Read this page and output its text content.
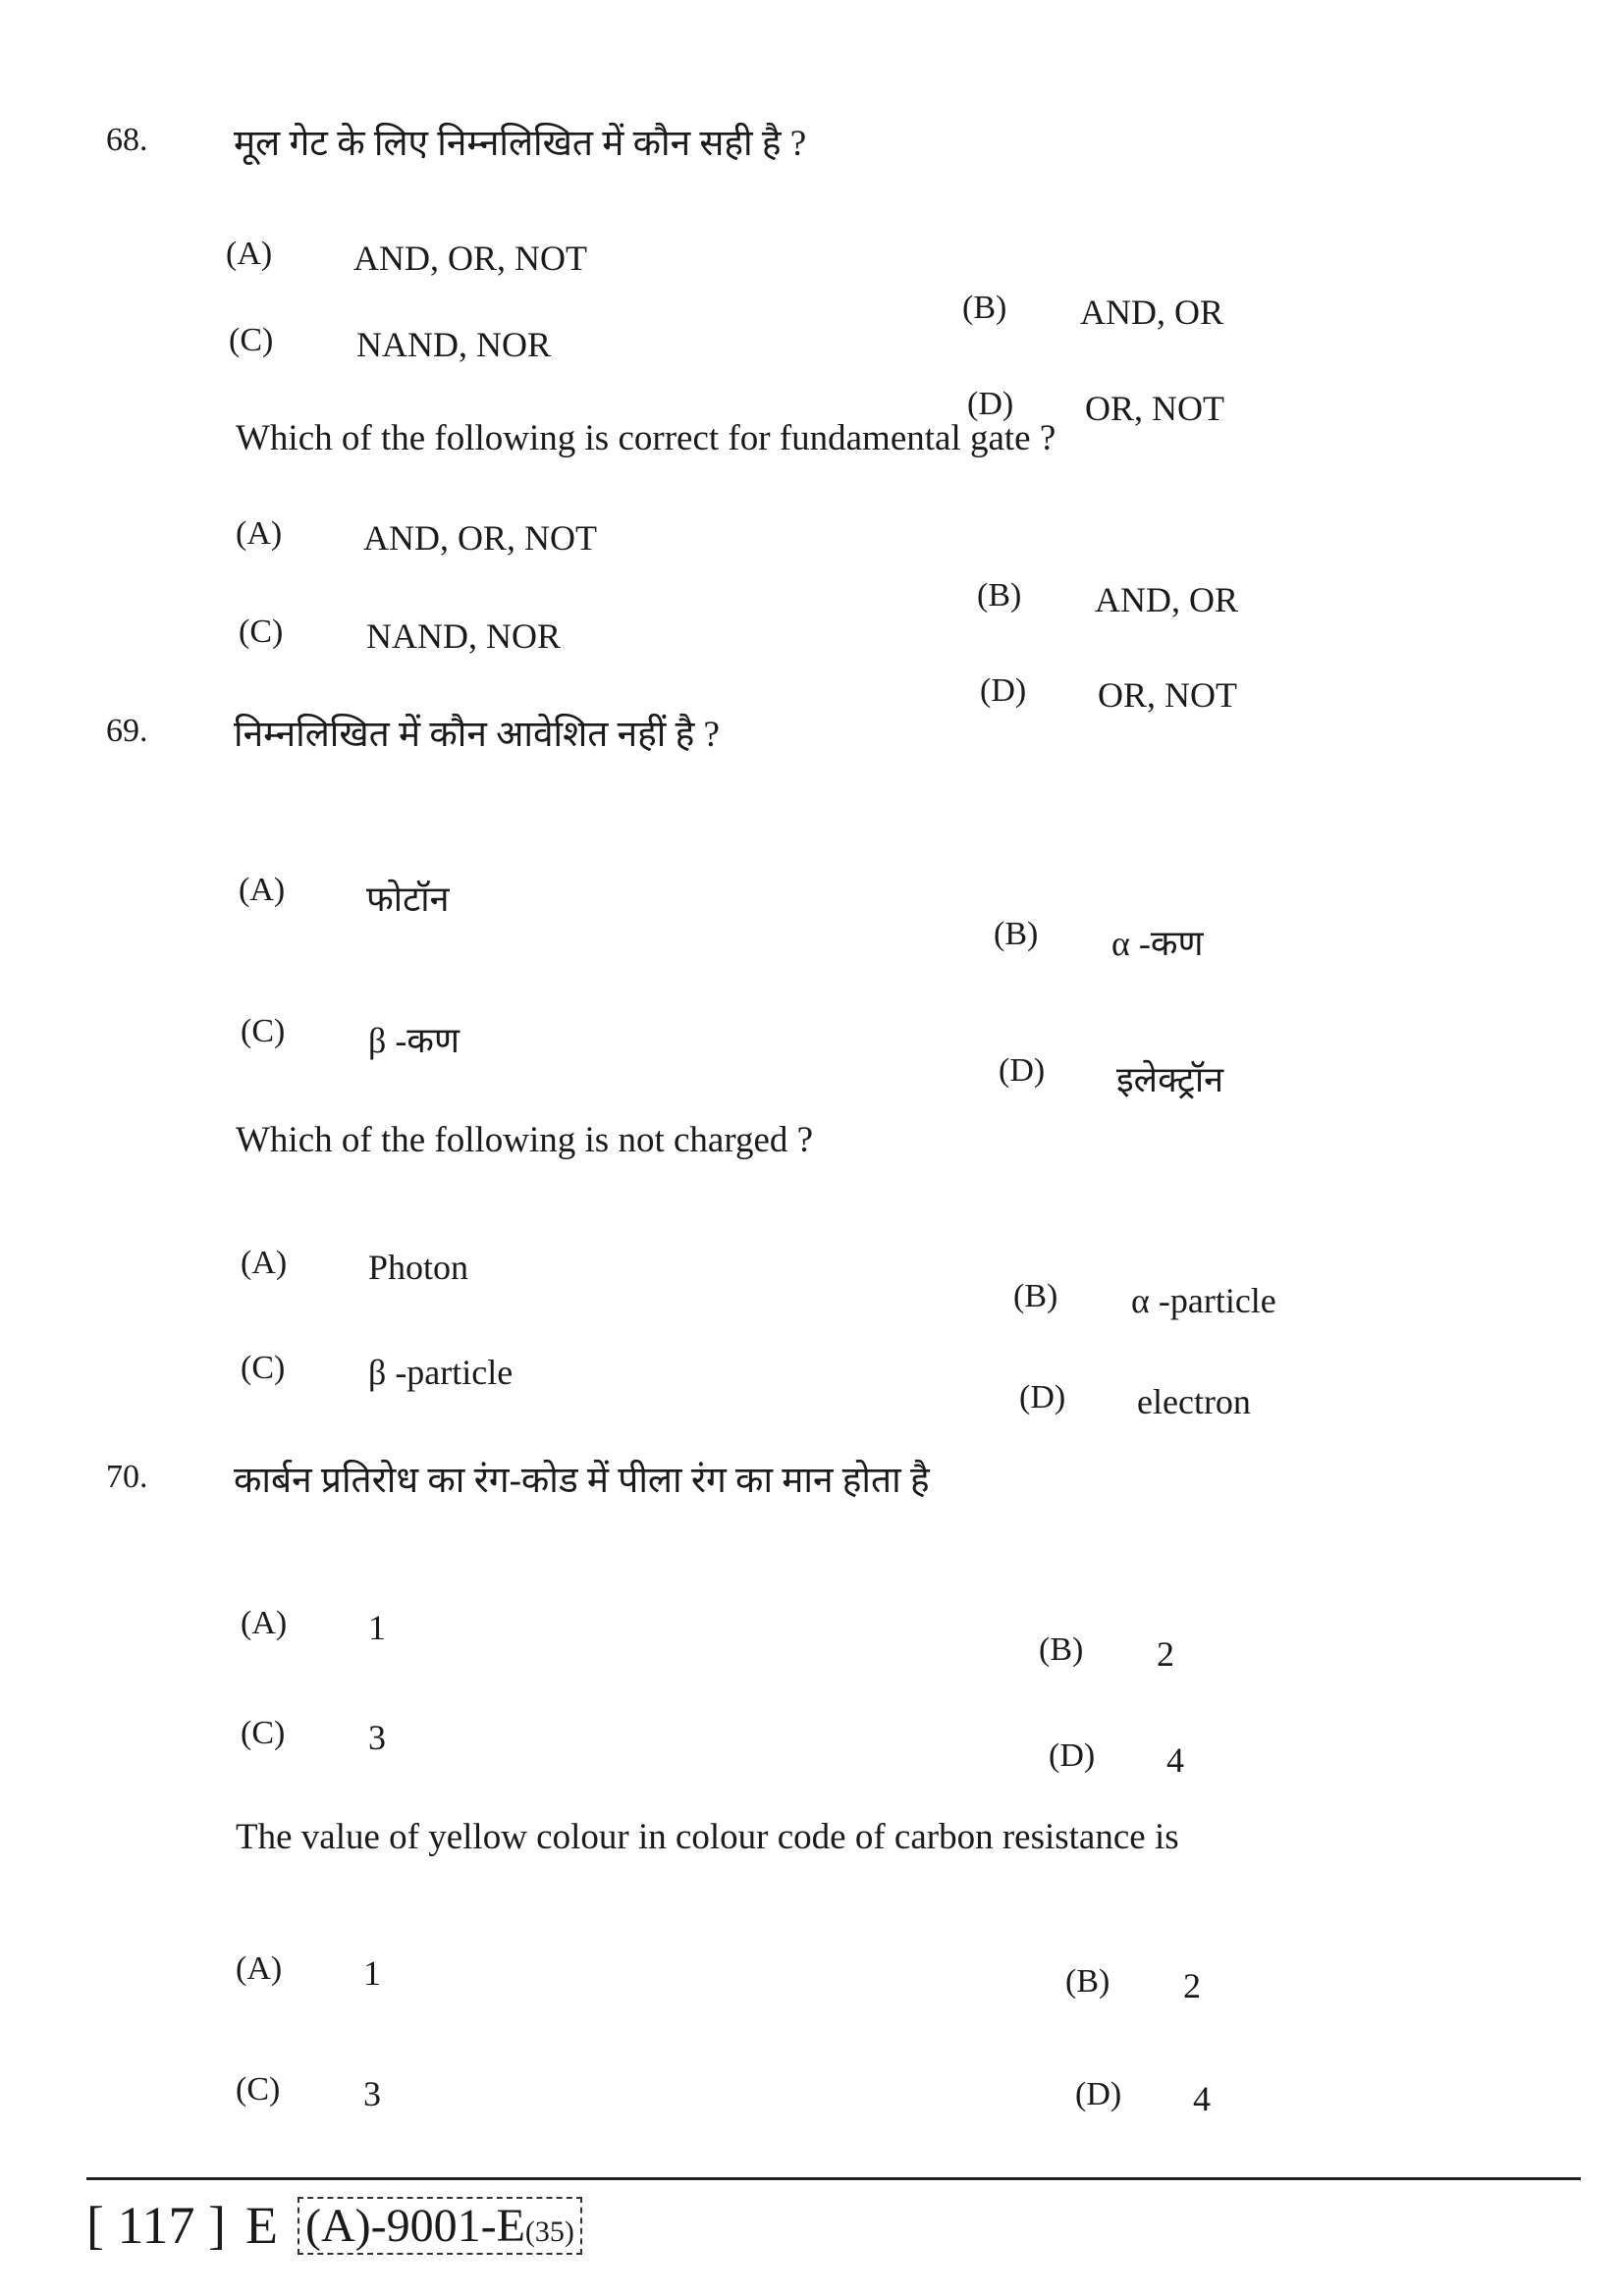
68. मूल गेट के लिए निम्नलिखित में कौन सही है ?
(A) AND, OR, NOT
(B) AND, OR
(C) NAND, NOR
(D) OR, NOT
Which of the following is correct for fundamental gate ?
(A) AND, OR, NOT
(B) AND, OR
(C) NAND, NOR
(D) OR, NOT
69. निम्नलिखित में कौन आवेशित नहीं है ?
(A) फोटॉन
(B) α -कण
(C) β -कण
(D) इलेक्ट्रॉन
Which of the following is not charged ?
(A) Photon
(B) α -particle
(C) β -particle
(D) electron
70. कार्बन प्रतिरोध का रंग-कोड में पीला रंग का मान होता है
(A) 1
(B) 2
(C) 3	(D) 4
The value of yellow colour in colour code of carbon resistance is
(A) 1	(B) 2
(C) 3	(D) 4
[ 117 ] E (A)-9001-E(35)
